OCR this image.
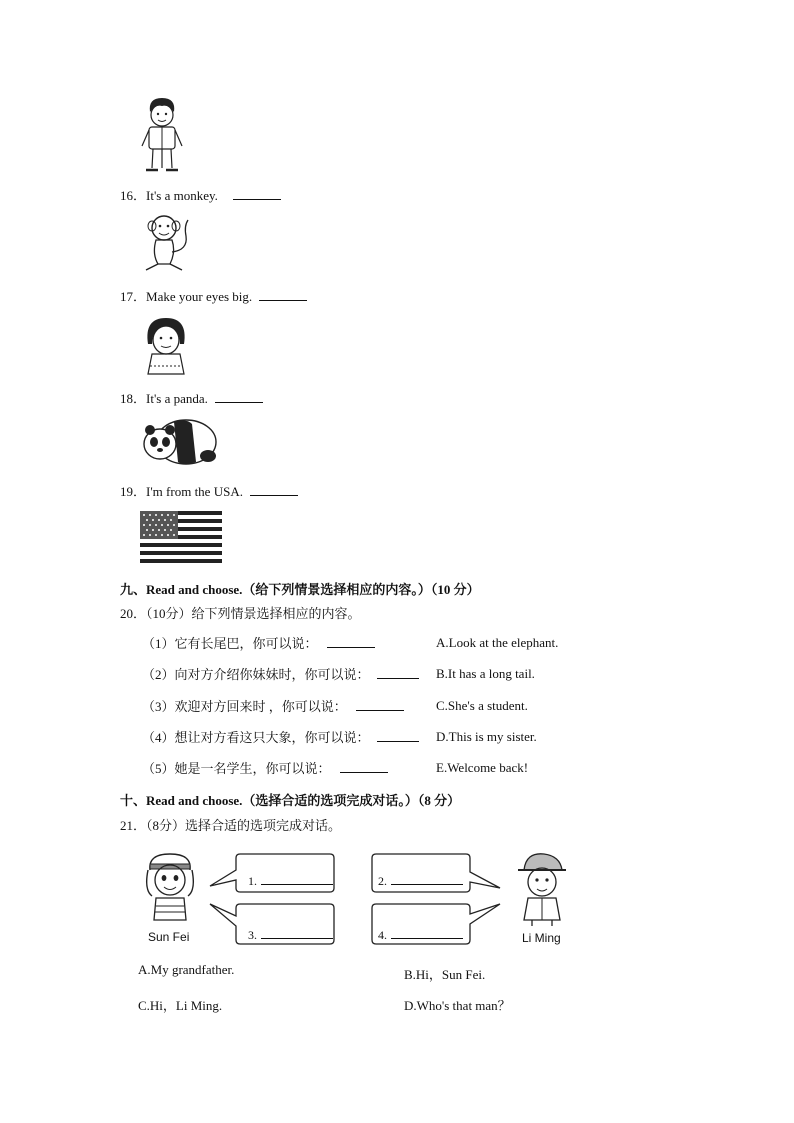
16．It's a monkey.
17．Make your eyes big.
18．It's a panda.
19．I'm from the USA.
九、Read and choose.（给下列情景选择相应的内容。）（10 分）
20．（10分）给下列情景选择相应的内容。
（1）它有长尾巴，你可以说：	A.Look at the elephant.
（2）向对方介绍你妹妹时，你可以说：	B.It has a long tail.
（3）欢迎对方回来时 ，你可以说：	C.She's a student.
（4）想让对方看这只大象，你可以说：	D.This is my sister.
（5）她是一名学生，你可以说：	E.Welcome back!
十、Read and choose.（选择合适的选项完成对话。）（8 分）
21．（8分）选择合适的选项完成对话。
Sun Fei
1.	2.
3.	4.	Li Ming
A.My grandfather.	B.Hi，Sun Fei.
C.Hi，Li Ming.	D.Who's that man？
